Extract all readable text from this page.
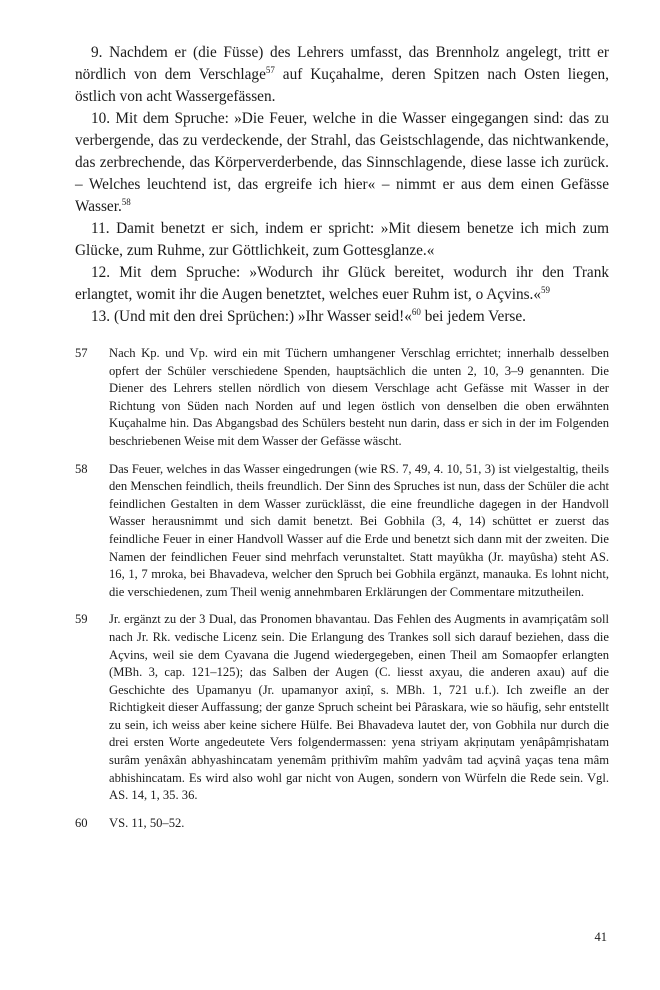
9. Nachdem er (die Füsse) des Lehrers umfasst, das Brennholz angelegt, tritt er nördlich von dem Verschlage$^{57}$ auf Kuçahalme, deren Spitzen nach Osten liegen, östlich von acht Wassergefässen.

10. Mit dem Spruche: »Die Feuer, welche in die Wasser eingegangen sind: das zu verbergende, das zu verdeckende, der Strahl, das Geistschlagende, das nichtwankende, das zerbrechende, das Körperverderbende, das Sinnschlagende, diese lasse ich zurück. – Welches leuchtend ist, das ergreife ich hier« – nimmt er aus dem einen Gefässe Wasser.$^{58}$

11. Damit benetzt er sich, indem er spricht: »Mit diesem benetze ich mich zum Glücke, zum Ruhme, zur Göttlichkeit, zum Gottesglanze.«

12. Mit dem Spruche: »Wodurch ihr Glück bereitet, wodurch ihr den Trank erlangtet, womit ihr die Augen benetztet, welches euer Ruhm ist, o Açvins.«$^{59}$

13. (Und mit den drei Sprüchen:) »Ihr Wasser seid!«$^{60}$ bei jedem Verse.

57 Nach Kp. und Vp. wird ein mit Tüchern umhangener Verschlag errichtet; innerhalb desselben opfert der Schüler verschiedene Spenden, hauptsächlich die unten 2, 10, 3–9 genannten. Die Diener des Lehrers stellen nördlich von diesem Verschlage acht Gefässe mit Wasser in der Richtung von Süden nach Norden auf und legen östlich von denselben die oben erwähnten Kuçahalme hin. Das Abgangsbad des Schülers besteht nun darin, dass er sich in der im Folgenden beschriebenen Weise mit dem Wasser der Gefässe wäscht.

58 Das Feuer, welches in das Wasser eingedrungen (wie RS. 7, 49, 4. 10, 51, 3) ist vielgestaltig, theils den Menschen feindlich, theils freundlich. Der Sinn des Spruches ist nun, dass der Schüler die acht feindlichen Gestalten in dem Wasser zurücklässt, die eine freundliche dagegen in der Handvoll Wasser herausnimmt und sich damit benetzt. Bei Gobhila (3, 4, 14) schüttet er zuerst das feindliche Feuer in einer Handvoll Wasser auf die Erde und benetzt sich dann mit der zweiten. Die Namen der feindlichen Feuer sind mehrfach verunstaltet. Statt mayûkha (Jr. mayûsha) steht AS. 16, 1, 7 mroka, bei Bhavadeva, welcher den Spruch bei Gobhila ergänzt, manauka. Es lohnt nicht, die verschiedenen, zum Theil wenig annehmbaren Erklärungen der Commentare mitzutheilen.

59 Jr. ergänzt zu der 3 Dual, das Pronomen bhavantau. Das Fehlen des Augments in avamṛiçatâm soll nach Jr. Rk. vedische Licenz sein. Die Erlangung des Trankes soll sich darauf beziehen, dass die Açvins, weil sie dem Cyavana die Jugend wiedergegeben, einen Theil am Somaopfer erlangten (MBh. 3, cap. 121–125); das Salben der Augen (C. liesst axyau, die anderen axau) auf die Geschichte des Upamanyu (Jr. upamanyor axiṇî, s. MBh. 1, 721 u.f.). Ich zweifle an der Richtigkeit dieser Auffassung; der ganze Spruch scheint bei Pâraskara, wie so häufig, sehr entstellt zu sein, ich weiss aber keine sichere Hülfe. Bei Bhavadeva lautet der, von Gobhila nur durch die drei ersten Worte angedeutete Vers folgendermassen: yena striyam akṛiṇutam yenâpâmṛishatam surâm yenâxân abhyashincatam yenemâm pṛithivîm mahîm yadvâm tad açvinâ yaças tena mâm abhishincatam. Es wird also wohl gar nicht von Augen, sondern von Würfeln die Rede sein. Vgl. AS. 14, 1, 35. 36.

60 VS. 11, 50–52.

41
